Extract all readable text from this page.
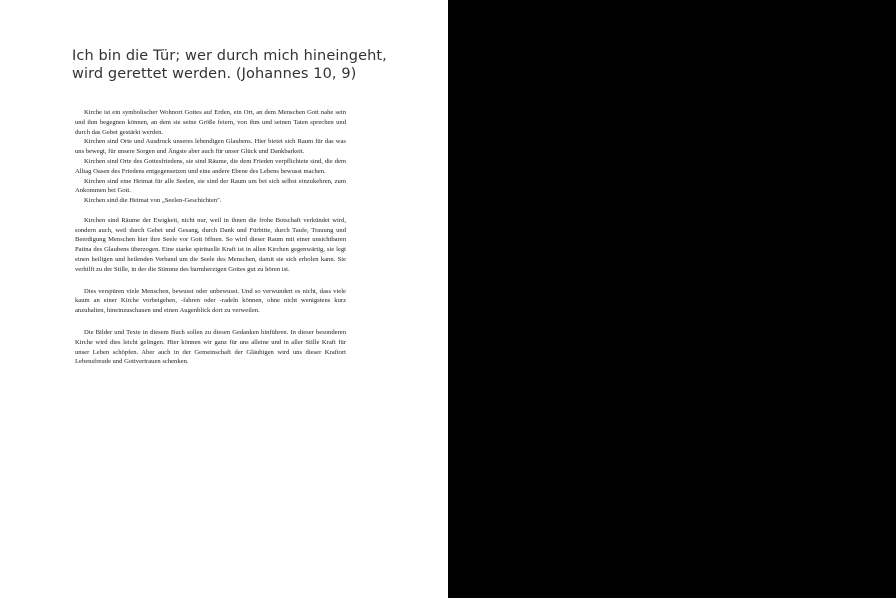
Ich bin die Tür; wer durch mich hineingeht,
wird gerettet werden. (Johannes 10, 9)

Kirche ist ein symbolischer Wohnort Gottes auf Erden, ein Ort, an dem Menschen Gott nahe sein und ihm begegnen können, an dem sie seine Größe feiern, von ihm und seinen Taten sprechen und durch das Gebet gestärkt werden.

Kirchen sind Orte und Ausdruck unseres lebendigen Glaubens. Hier bietet sich Raum für das was uns bewegt, für unsere Sorgen und Ängste aber auch für unser Glück und Dankbarkeit.

Kirchen sind Orte des Gottesfriedens, sie sind Räume, die dem Frieden verpflichtete sind, die dem Alltag Oasen des Friedens entgegensetzen und eine andere Ebene des Lebens bewusst machen.

Kirchen sind eine Heimat für alle Seelen, sie sind der Raum um bei sich selbst einzukehren, zum Ankommen bei Gott.

Kirchen sind die Heimat von „Seelen-Geschichten".

Kirchen sind Räume der Ewigkeit, nicht nur, weil in ihnen die frohe Botschaft verkündet wird, sondern auch, weil durch Gebet und Gesang, durch Dank und Fürbitte, durch Taufe, Trauung und Beerdigung Menschen hier ihre Seele vor Gott öffnen. So wird dieser Raum mit einer unsichtbaren Patina des Glaubens überzogen. Eine starke spirituelle Kraft ist in allen Kirchen gegenwärtig, sie legt einen heiligen und heilenden Verband um die Seele des Menschen, damit sie sich erholen kann. Sie verhilft zu der Stille, in der die Stimme des barmherzigen Gottes gut zu hören ist.

Dies verspüren viele Menschen, bewusst oder unbewusst. Und so verwundert es nicht, dass viele kaum an einer Kirche vorbeigehen, -fahren oder -radeln können, ohne nicht wenigstens kurz anzuhalten, hineinzuschauen und einen Augenblick dort zu verweilen.

Die Bilder und Texte in diesem Buch sollen zu diesen Gedanken hinführen. In dieser besonderen Kirche wird dies leicht gelingen. Hier können wir ganz für uns alleine und in aller Stille Kraft für unser Leben schöpfen. Aber auch in der Gemeinschaft der Gläubigen wird uns dieser Kraftort Lebensfreude und Gottvertrauen schenken.
